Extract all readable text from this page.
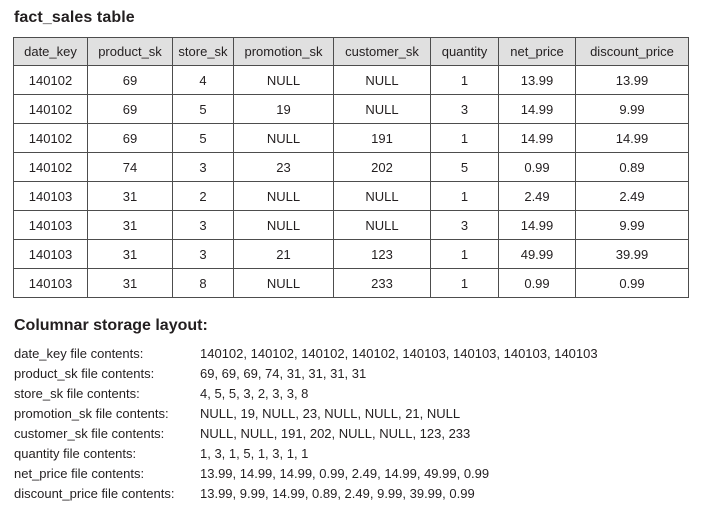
fact_sales table
date_key	product_sk	store_sk	promotion_sk	customer_sk	quantity	net_price	discount_price
140102	69	4	NULL	NULL	1	13.99	13.99
140102	69	5	19	NULL	3	14.99	9.99
140102	69	5	NULL	191	1	14.99	14.99
140102	74	3	23	202	5	0.99	0.89
140103	31	2	NULL	NULL	1	2.49	2.49
140103	31	3	NULL	NULL	3	14.99	9.99
140103	31	3	21	123	1	49.99	39.99
140103	31	8	NULL	233	1	0.99	0.99
Columnar storage layout:
date_key file contents:	140102, 140102, 140102, 140102, 140103, 140103, 140103, 140103
product_sk file contents:	69, 69, 69, 74, 31, 31, 31, 31
store_sk file contents:	4, 5, 5, 3, 2, 3, 3, 8
promotion_sk file contents:	NULL, 19, NULL, 23, NULL, NULL, 21, NULL
customer_sk file contents:	NULL, NULL, 191, 202, NULL, NULL, 123, 233
quantity file contents:	1, 3, 1, 5, 1, 3, 1, 1
net_price file contents:	13.99, 14.99, 14.99, 0.99, 2.49, 14.99, 49.99, 0.99
discount_price file contents:	13.99, 9.99, 14.99, 0.89, 2.49, 9.99, 39.99, 0.99
